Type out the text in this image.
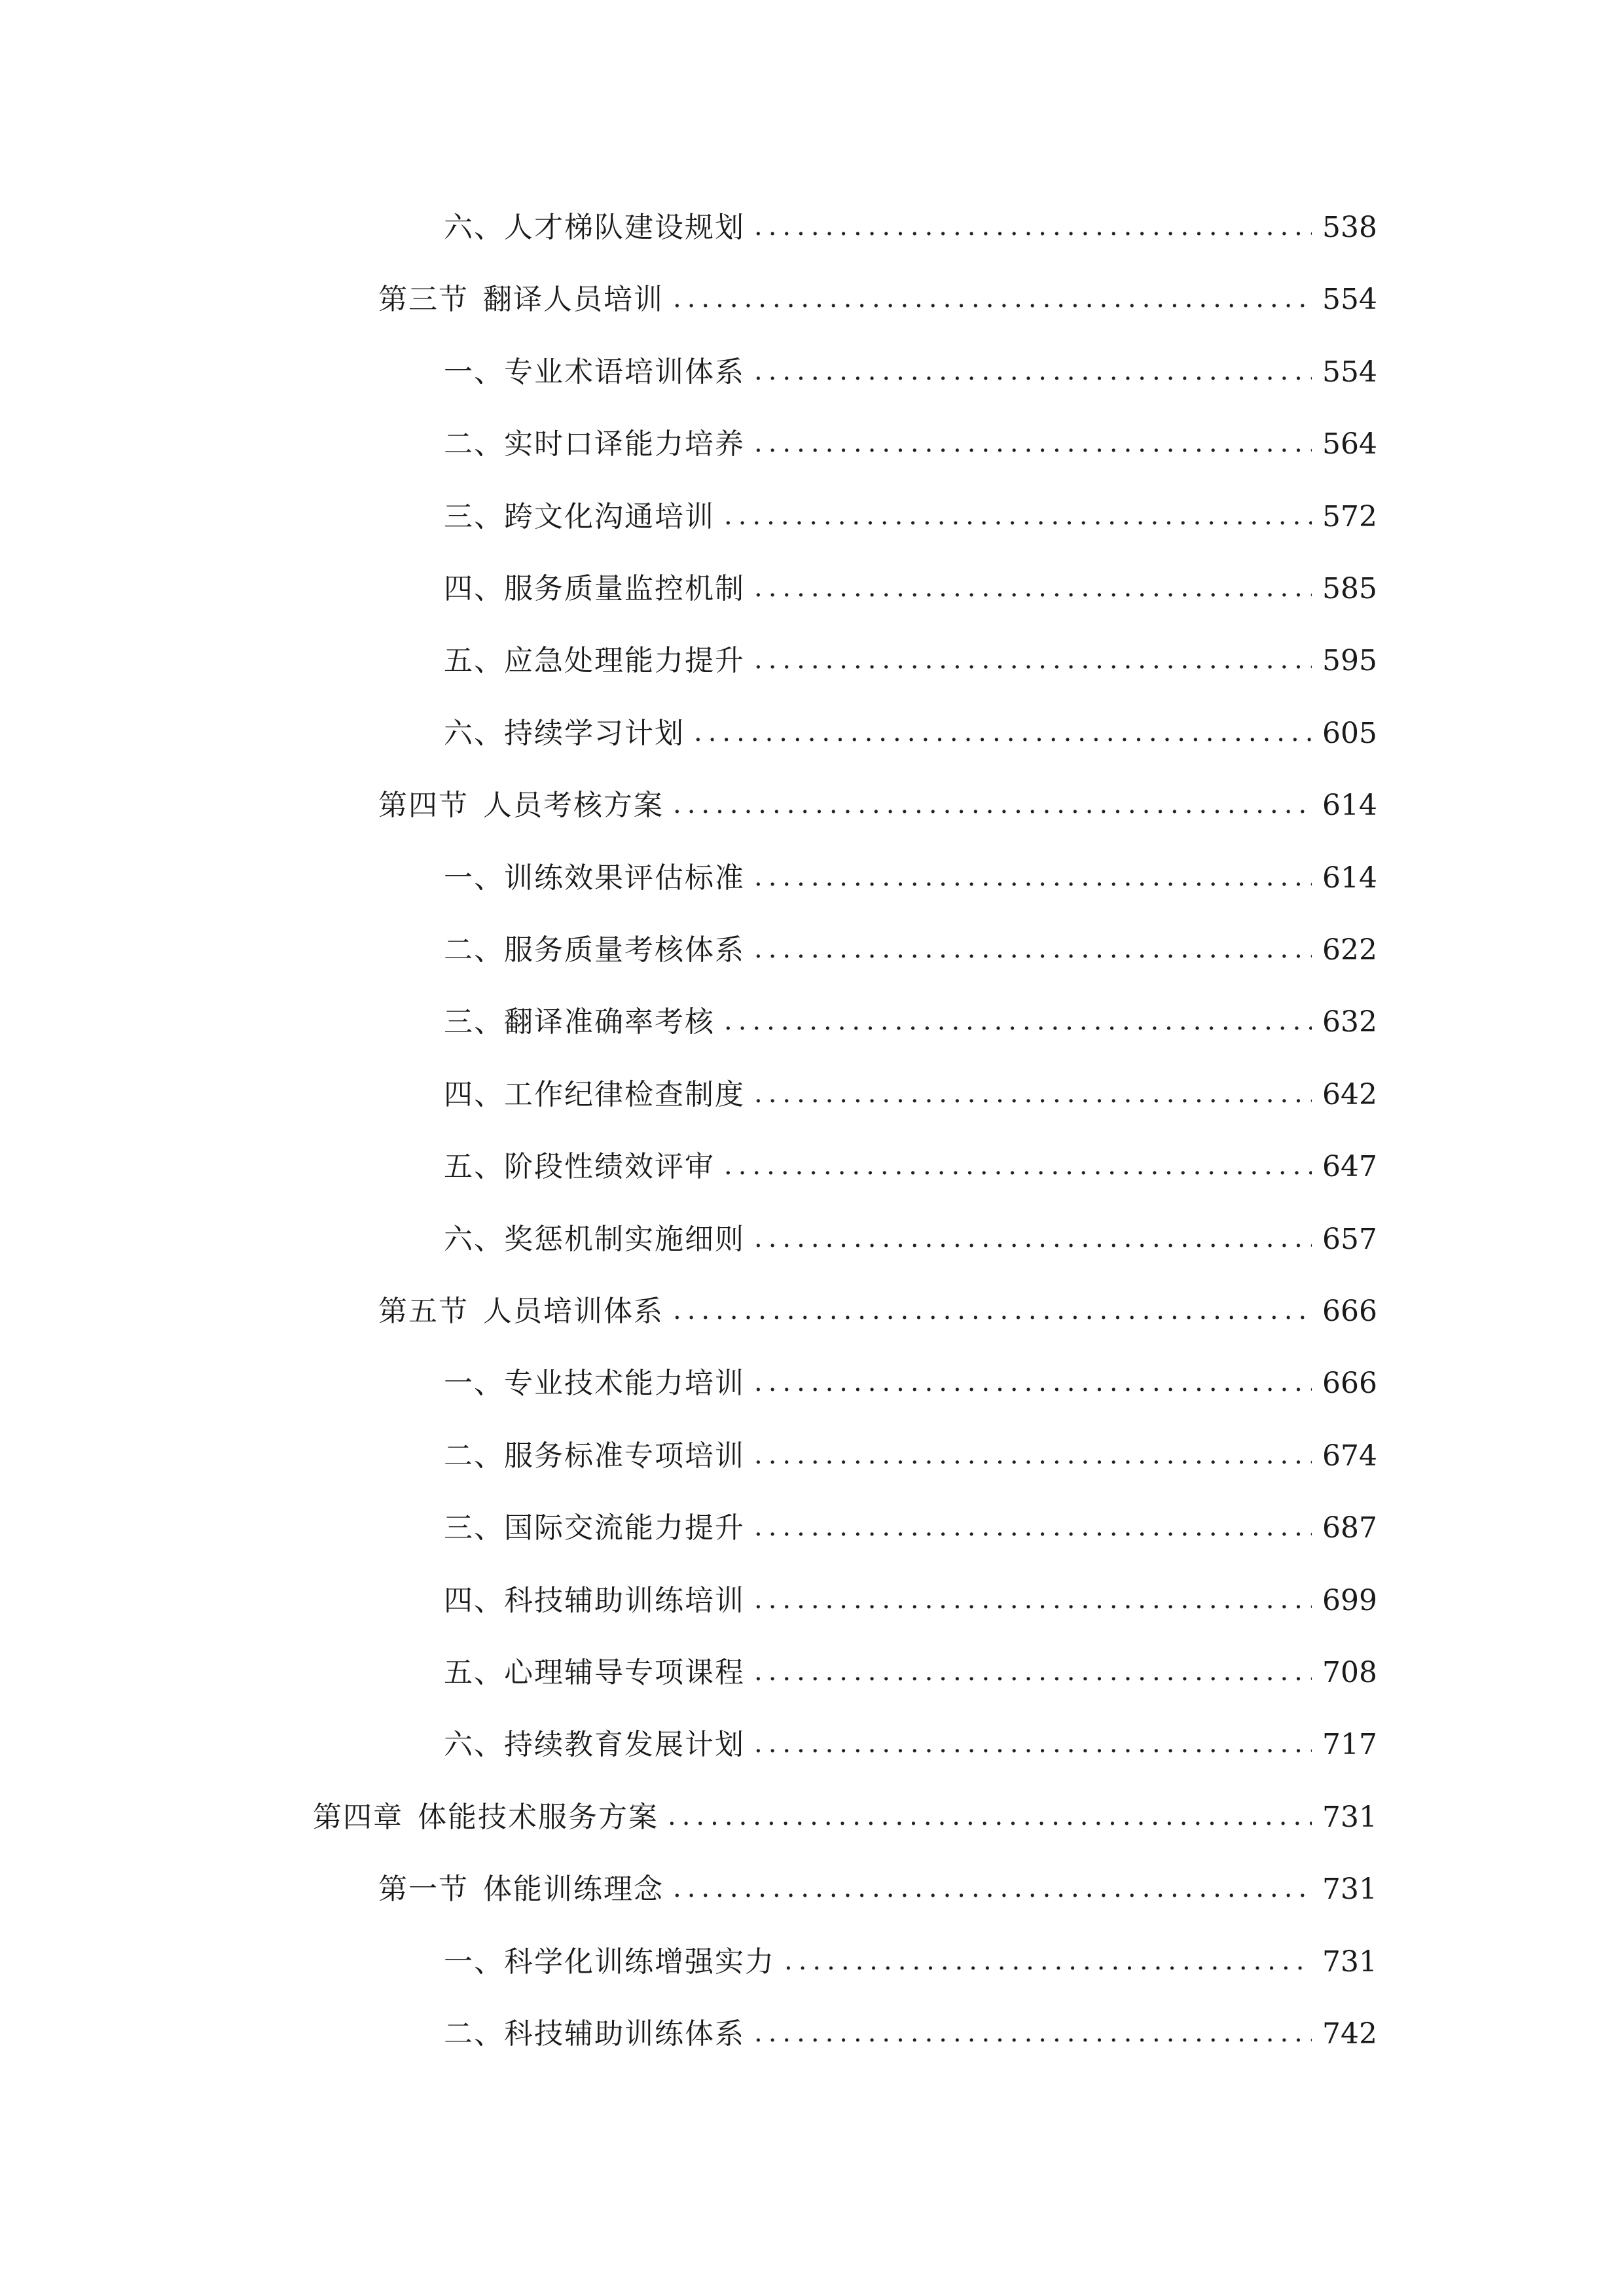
六、 人才梯队建设规划 .....	538
第三节 翻译人员培训 .....	554
一、 专业术语培训体系 .....	554
二、 实时口译能力培养 .....	564
三、 跨文化沟通培训 .....	572
四、 服务质量监控机制 .....	585
五、 应急处理能力提升 .....	595
六、 持续学习计划 .....	605
第四节 人员考核方案 .....	614
一、 训练效果评估标准 .....	614
二、 服务质量考核体系 .....	622
三、 翻译准确率考核 .....	632
四、 工作纪律检查制度 .....	642
五、 阶段性绩效评审 .....	647
六、 奖惩机制实施细则 .....	657
第五节 人员培训体系 .....	666
一、 专业技术能力培训 .....	666
二、 服务标准专项培训 .....	674
三、 国际交流能力提升 .....	687
四、 科技辅助训练培训 .....	699
五、 心理辅导专项课程 .....	708
六、 持续教育发展计划 .....	717
第四章 体能技术服务方案 .....	731
第一节 体能训练理念 .....	731
一、 科学化训练增强实力 .....	731
二、 科技辅助训练体系 .....	742
